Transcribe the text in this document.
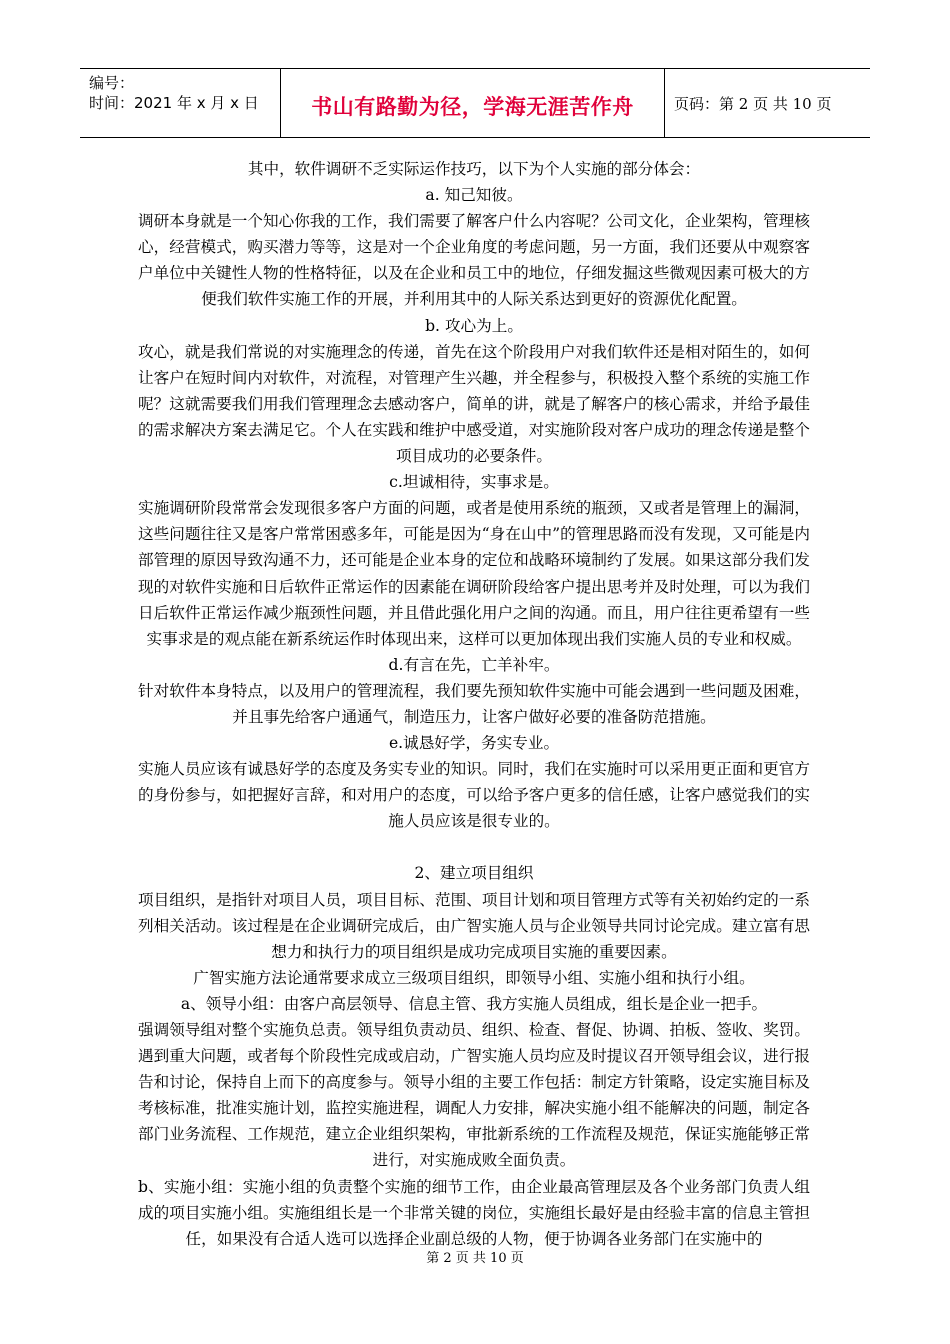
编号：
时间：2021 年 x 月 x 日	书山有路勤为径，学海无涯苦作舟	页码：第 2 页 共 10 页

其中，软件调研不乏实际运作技巧，以下为个人实施的部分体会：

a. 知己知彼。

调研本身就是一个知心你我的工作，我们需要了解客户什么内容呢？公司文化，企业架构，管理核心，经营模式，购买潜力等等，这是对一个企业角度的考虑问题，另一方面，我们还要从中观察客户单位中关键性人物的性格特征，以及在企业和员工中的地位，仔细发掘这些微观因素可极大的方便我们软件实施工作的开展，并利用其中的人际关系达到更好的资源优化配置。

b. 攻心为上。

攻心，就是我们常说的对实施理念的传递，首先在这个阶段用户对我们软件还是相对陌生的，如何让客户在短时间内对软件，对流程，对管理产生兴趣，并全程参与，积极投入整个系统的实施工作呢？这就需要我们用我们管理理念去感动客户，简单的讲，就是了解客户的核心需求，并给予最佳的需求解决方案去满足它。个人在实践和维护中感受道，对实施阶段对客户成功的理念传递是整个项目成功的必要条件。

c.坦诚相待，实事求是。

实施调研阶段常常会发现很多客户方面的问题，或者是使用系统的瓶颈，又或者是管理上的漏洞，这些问题往往又是客户常常困惑多年，可能是因为“身在山中”的管理思路而没有发现，又可能是内部管理的原因导致沟通不力，还可能是企业本身的定位和战略环境制约了发展。如果这部分我们发现的对软件实施和日后软件正常运作的因素能在调研阶段给客户提出思考并及时处理，可以为我们日后软件正常运作减少瓶颈性问题，并且借此强化用户之间的沟通。而且，用户往往更希望有一些实事求是的观点能在新系统运作时体现出来，这样可以更加体现出我们实施人员的专业和权威。

d.有言在先，亡羊补牢。

针对软件本身特点，以及用户的管理流程，我们要先预知软件实施中可能会遇到一些问题及困难，并且事先给客户通通气，制造压力，让客户做好必要的准备防范措施。

e.诚恳好学，务实专业。

实施人员应该有诚恳好学的态度及务实专业的知识。同时，我们在实施时可以采用更正面和更官方的身份参与，如把握好言辞，和对用户的态度，可以给予客户更多的信任感，让客户感觉我们的实施人员应该是很专业的。

2、建立项目组织

项目组织，是指针对项目人员，项目目标、范围、项目计划和项目管理方式等有关初始约定的一系列相关活动。该过程是在企业调研完成后，由广智实施人员与企业领导共同讨论完成。建立富有思想力和执行力的项目组织是成功完成项目实施的重要因素。

广智实施方法论通常要求成立三级项目组织，即领导小组、实施小组和执行小组。

a、领导小组：由客户高层领导、信息主管、我方实施人员组成，组长是企业一把手。

强调领导组对整个实施负总责。领导组负责动员、组织、检查、督促、协调、拍板、签收、奖罚。遇到重大问题，或者每个阶段性完成或启动，广智实施人员均应及时提议召开领导组会议，进行报告和讨论，保持自上而下的高度参与。领导小组的主要工作包括：制定方针策略，设定实施目标及考核标准，批准实施计划，监控实施进程，调配人力安排，解决实施小组不能解决的问题，制定各部门业务流程、工作规范，建立企业组织架构，审批新系统的工作流程及规范，保证实施能够正常进行，对实施成败全面负责。

b、实施小组：实施小组的负责整个实施的细节工作，由企业最高管理层及各个业务部门负责人组成的项目实施小组。实施组组长是一个非常关键的岗位，实施组长最好是由经验丰富的信息主管担任，如果没有合适人选可以选择企业副总级的人物，便于协调各业务部门在实施中的

第 2 页 共 10 页
